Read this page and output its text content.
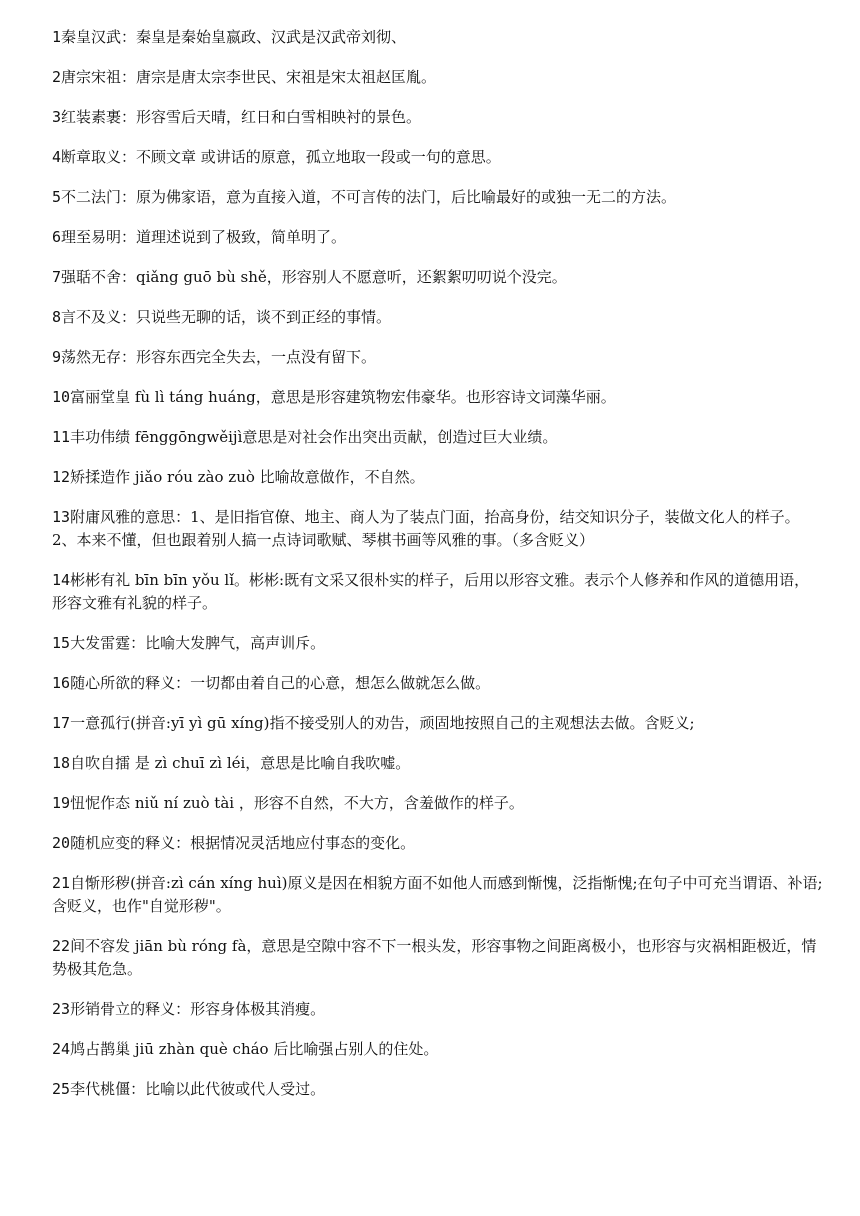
1秦皇汉武：秦皇是秦始皇嬴政、汉武是汉武帝刘彻、
2唐宗宋祖：唐宗是唐太宗李世民、宋祖是宋太祖赵匡胤。
3红装素裹：形容雪后天晴，红日和白雪相映衬的景色。
4断章取义：不顾文章 或讲话的原意，孤立地取一段或一句的意思。
5不二法门：原为佛家语，意为直接入道，不可言传的法门，后比喻最好的或独一无二的方法。
6理至易明：道理述说到了极致，简单明了。
7强聒不舍：qiǎng guō bù shě，形容别人不愿意听，还絮絮叨叨说个没完。
8言不及义：只说些无聊的话，谈不到正经的事情。
9荡然无存：形容东西完全失去，一点没有留下。
10富丽堂皇 fù lì táng huáng，意思是形容建筑物宏伟豪华。也形容诗文词藻华丽。
11丰功伟绩 fēnggōngwěijì意思是对社会作出突出贡献，创造过巨大业绩。
12矫揉造作 jiǎo róu zào zuò 比喻故意做作，不自然。
13附庸风雅的意思：1、是旧指官僚、地主、商人为了装点门面，抬高身份，结交知识分子，装做文化人的样子。2、本来不懂，但也跟着别人搞一点诗词歌赋、琴棋书画等风雅的事。（多含贬义）
14彬彬有礼 bīn bīn yǒu lǐ。彬彬:既有文采又很朴实的样子，后用以形容文雅。表示个人修养和作风的道德用语，形容文雅有礼貌的样子。
15大发雷霆：比喻大发脾气，高声训斥。
16随心所欲的释义：一切都由着自己的心意，想怎么做就怎么做。
17一意孤行(拼音:yī yì gū xíng)指不接受别人的劝告，顽固地按照自己的主观想法去做。含贬义;
18自吹自擂 是 zì chuī zì léi，意思是比喻自我吹嘘。
19忸怩作态 niǔ ní zuò tài ，形容不自然，不大方，含羞做作的样子。
20随机应变的释义：根据情况灵活地应付事态的变化。
21自惭形秽(拼音:zì cán xíng huì)原义是因在相貌方面不如他人而感到惭愧，泛指惭愧;在句子中可充当谓语、补语;含贬义，也作"自觉形秽"。
22间不容发 jiān bù róng fà，意思是空隙中容不下一根头发，形容事物之间距离极小，也形容与灾祸相距极近，情势极其危急。
23形销骨立的释义：形容身体极其消瘦。
24鸠占鹊巢 jiū zhàn què cháo 后比喻强占别人的住处。
25李代桃僵：比喻以此代彼或代人受过。
